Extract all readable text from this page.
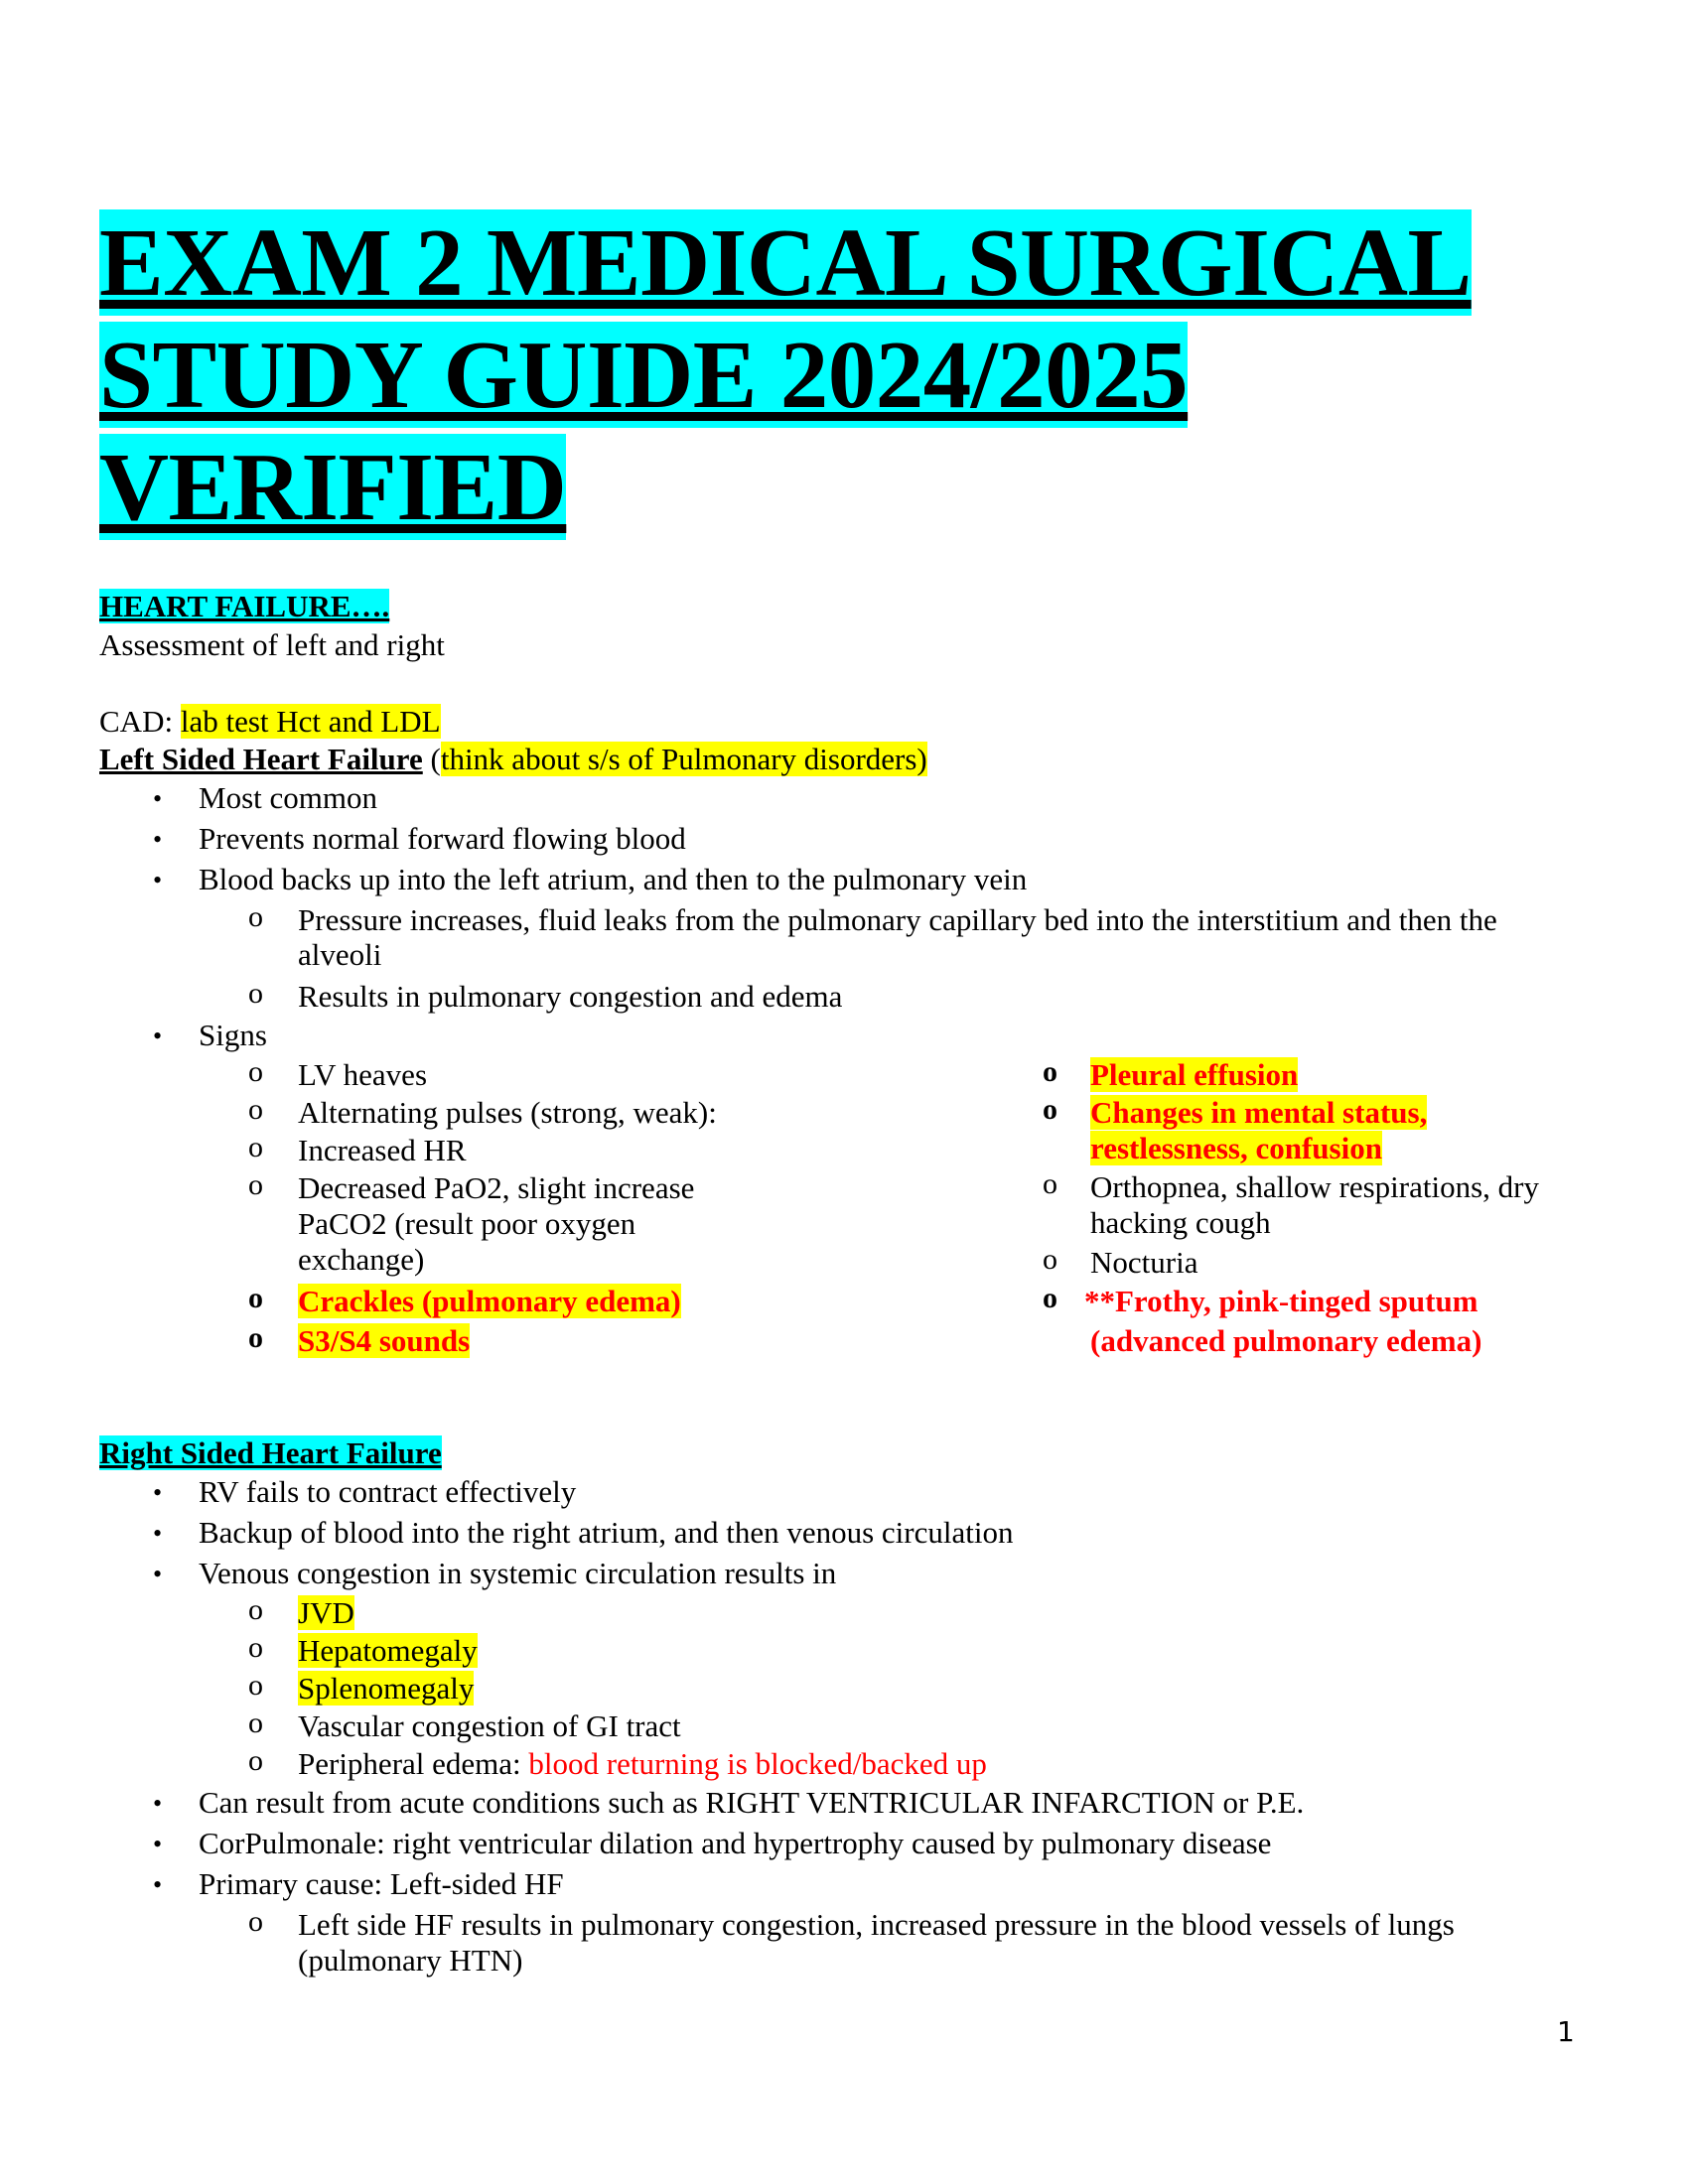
EXAM 2 MEDICAL SURGICAL
STUDY GUIDE 2024/2025
VERIFIED
HEART FAILURE….
Assessment of left and right
CAD: lab test Hct and LDL
Left Sided Heart Failure (think about s/s of Pulmonary disorders)
• Most common
• Prevents normal forward flowing blood
• Blood backs up into the left atrium, and then to the pulmonary vein
o Pressure increases, fluid leaks from the pulmonary capillary bed into the interstitium and then the
alveoli
o Results in pulmonary congestion and edema
• Signs
o LV heaves
o Alternating pulses (strong, weak):
o Increased HR
o Decreased PaO2, slight increase
PaCO2 (result poor oxygen
exchange)
o Crackles (pulmonary edema)
o S3/S4 sounds
o Pleural effusion
o Changes in mental status,
restlessness, confusion
o Orthopnea, shallow respirations, dry
hacking cough
o Nocturia
o **Frothy, pink-tinged sputum
(advanced pulmonary edema)
Right Sided Heart Failure
• RV fails to contract effectively
• Backup of blood into the right atrium, and then venous circulation
• Venous congestion in systemic circulation results in
o JVD
o Hepatomegaly
o Splenomegaly
o Vascular congestion of GI tract
o Peripheral edema: blood returning is blocked/backed up
• Can result from acute conditions such as RIGHT VENTRICULAR INFARCTION or P.E.
• CorPulmonale: right ventricular dilation and hypertrophy caused by pulmonary disease
• Primary cause: Left-sided HF
o Left side HF results in pulmonary congestion, increased pressure in the blood vessels of lungs
(pulmonary HTN)
1
